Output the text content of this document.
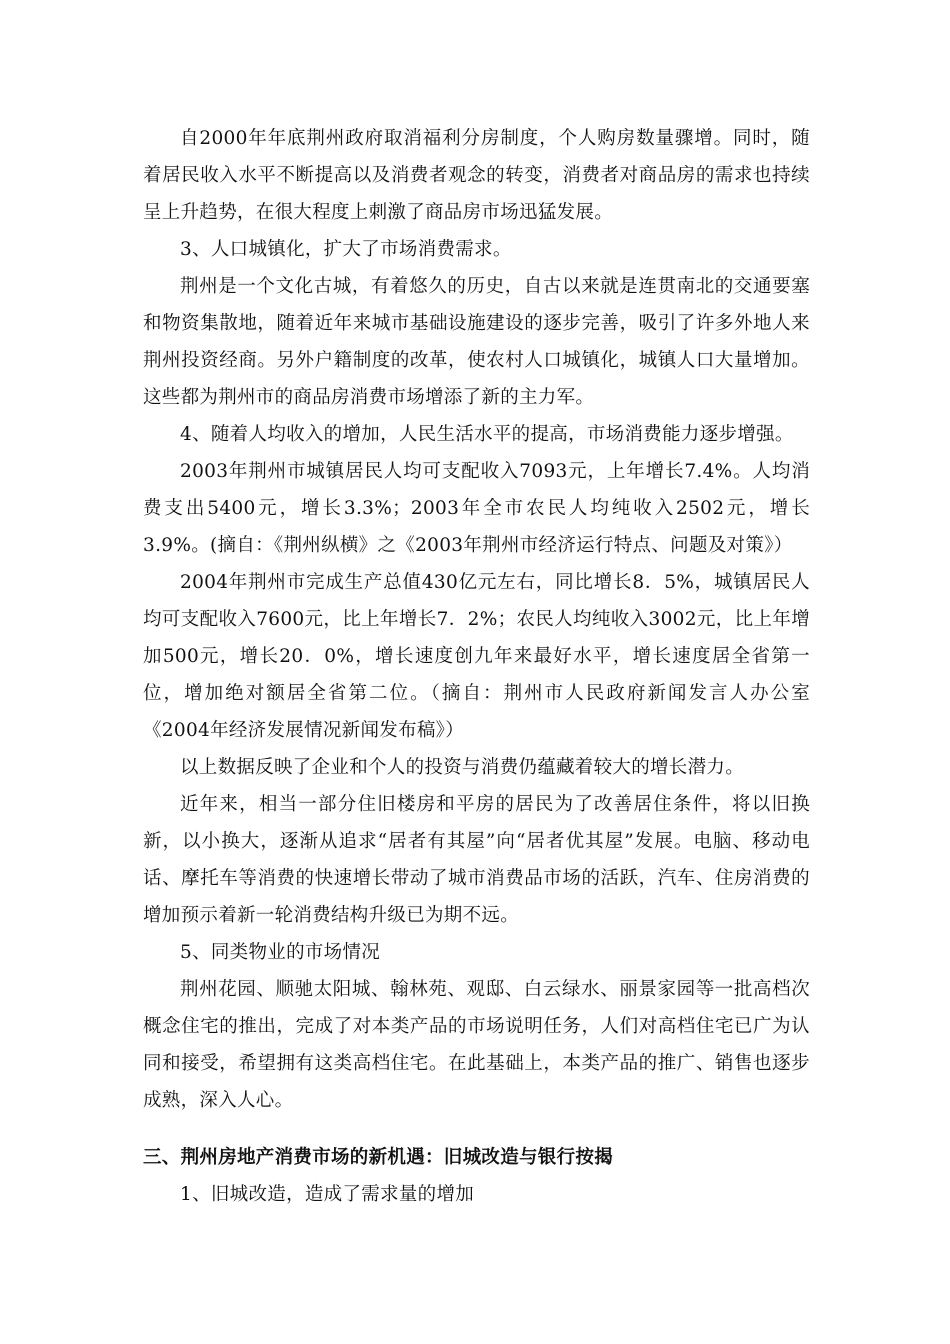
自2000年年底荆州政府取消福利分房制度，个人购房数量骤增。同时，随着居民收入水平不断提高以及消费者观念的转变，消费者对商品房的需求也持续呈上升趋势，在很大程度上刺激了商品房市场迅猛发展。

3、人口城镇化，扩大了市场消费需求。

荆州是一个文化古城，有着悠久的历史，自古以来就是连贯南北的交通要塞和物资集散地，随着近年来城市基础设施建设的逐步完善，吸引了许多外地人来荆州投资经商。另外户籍制度的改革，使农村人口城镇化，城镇人口大量增加。这些都为荆州市的商品房消费市场增添了新的主力军。

4、随着人均收入的增加，人民生活水平的提高，市场消费能力逐步增强。

2003年荆州市城镇居民人均可支配收入7093元，上年增长7.4%。人均消费支出5400元，增长3.3%；2003年全市农民人均纯收入2502元，增长3.9%。(摘自：《荆州纵横》之《2003年荆州市经济运行特点、问题及对策》）

2004年荆州市完成生产总值430亿元左右，同比增长8．5%，城镇居民人均可支配收入7600元，比上年增长7．2%；农民人均纯收入3002元，比上年增加500元，增长20．0%，增长速度创九年来最好水平，增长速度居全省第一位，增加绝对额居全省第二位。（摘自：荆州市人民政府新闻发言人办公室《2004年经济发展情况新闻发布稿》）

以上数据反映了企业和个人的投资与消费仍蕴藏着较大的增长潜力。

近年来，相当一部分住旧楼房和平房的居民为了改善居住条件，将以旧换新，以小换大，逐渐从追求“居者有其屋”向“居者优其屋”发展。电脑、移动电话、摩托车等消费的快速增长带动了城市消费品市场的活跃，汽车、住房消费的增加预示着新一轮消费结构升级已为期不远。

5、同类物业的市场情况

荆州花园、顺驰太阳城、翰林苑、观邸、白云绿水、丽景家园等一批高档次概念住宅的推出，完成了对本类产品的市场说明任务，人们对高档住宅已广为认同和接受，希望拥有这类高档住宅。在此基础上，本类产品的推广、销售也逐步成熟，深入人心。

三、荆州房地产消费市场的新机遇：旧城改造与银行按揭

1、旧城改造，造成了需求量的增加
